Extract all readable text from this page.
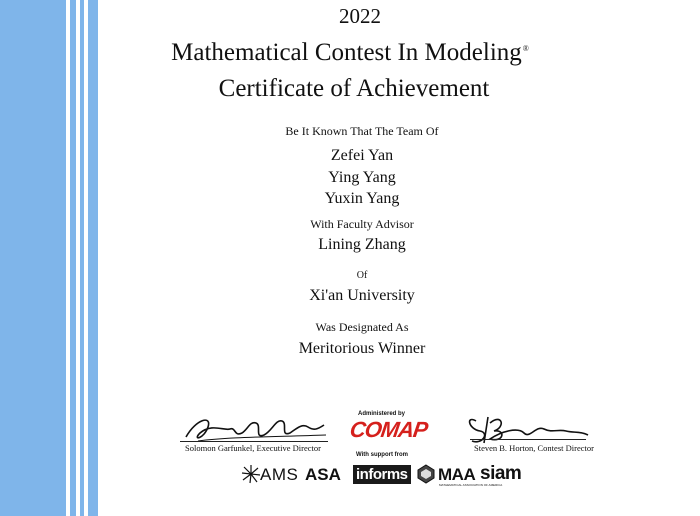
2022
Mathematical Contest In Modeling®
Certificate of Achievement
Be It Known That The Team Of
Zefei Yan
Ying Yang
Yuxin Yang
With Faculty Advisor
Lining Zhang
Of
Xi'an University
Was Designated As
Meritorious Winner
Solomon Garfunkel, Executive Director
Administered by
COMAP
With support from
Steven B. Horton, Contest Director
AMS ASA informs MAA
MATHEMATICAL ASSOCIATION OF AMERICA
siam
